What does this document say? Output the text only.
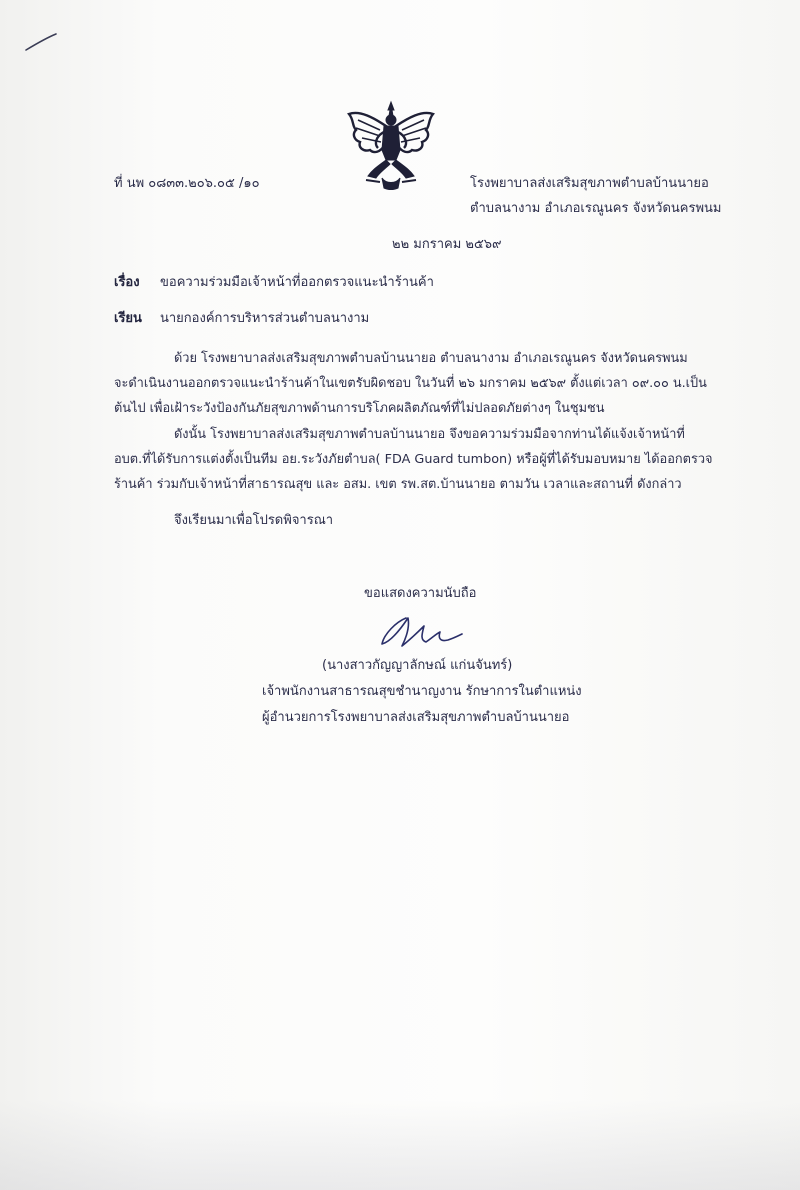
ที่ นพ ๐๘๓๓.๒๐๖.๐๕ /๑๐	โรงพยาบาลส่งเสริมสุขภาพตำบลบ้านนายอ
ตำบลนางาม อำเภอเรณูนคร จังหวัดนครพนม
๒๒ มกราคม ๒๕๖๙
เรื่อง ขอความร่วมมือเจ้าหน้าที่ออกตรวจแนะนำร้านค้า
เรียน นายกองค์การบริหารส่วนตำบลนางาม
ด้วย โรงพยาบาลส่งเสริมสุขภาพตำบลบ้านนายอ ตำบลนางาม อำเภอเรณูนคร จังหวัดนครพนม
จะดำเนินงานออกตรวจแนะนำร้านค้าในเขตรับผิดชอบ ในวันที่ ๒๖ มกราคม ๒๕๖๙ ตั้งแต่เวลา ๐๙.๐๐ น.เป็น
ต้นไป เพื่อเฝ้าระวังป้องกันภัยสุขภาพด้านการบริโภคผลิตภัณฑ์ที่ไม่ปลอดภัยต่างๆ ในชุมชน
ดังนั้น โรงพยาบาลส่งเสริมสุขภาพตำบลบ้านนายอ จึงขอความร่วมมือจากท่านได้แจ้งเจ้าหน้าที่
อบต.ที่ได้รับการแต่งตั้งเป็นทีม อย.ระวังภัยตำบล( FDA Guard tumbon) หรือผู้ที่ได้รับมอบหมาย ได้ออกตรวจ
ร้านค้า ร่วมกับเจ้าหน้าที่สาธารณสุข และ อสม. เขต รพ.สต.บ้านนายอ ตามวัน เวลาและสถานที่ ดังกล่าว
จึงเรียนมาเพื่อโปรดพิจารณา
ขอแสดงความนับถือ
(นางสาวกัญญาลักษณ์ แก่นจันทร์)
เจ้าพนักงานสาธารณสุขชำนาญงาน รักษาการในตำแหน่ง
ผู้อำนวยการโรงพยาบาลส่งเสริมสุขภาพตำบลบ้านนายอ
